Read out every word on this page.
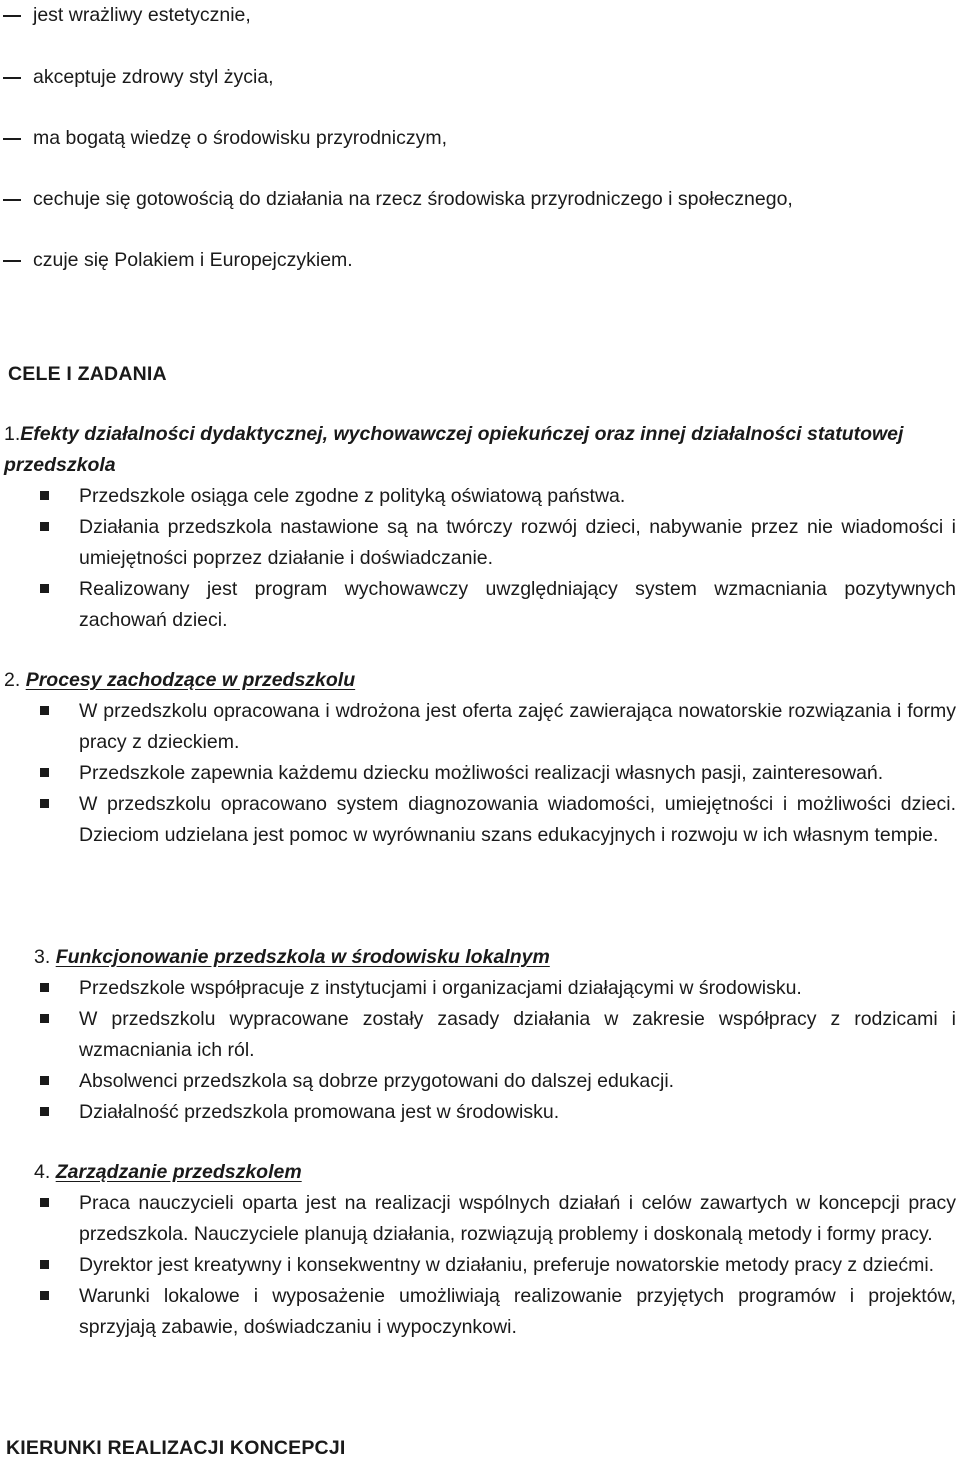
jest wrażliwy estetycznie,
akceptuje zdrowy styl życia,
ma bogatą wiedzę o środowisku przyrodniczym,
cechuje się gotowością do działania na rzecz środowiska przyrodniczego i społecznego,
czuje się Polakiem i Europejczykiem.
CELE I ZADANIA
1.Efekty działalności dydaktycznej, wychowawczej opiekuńczej oraz innej działalności statutowej przedszkola
Przedszkole osiąga cele zgodne z polityką oświatową państwa.
Działania przedszkola nastawione są na twórczy rozwój dzieci, nabywanie przez nie wiadomości i umiejętności poprzez działanie i doświadczanie.
Realizowany jest program wychowawczy uwzględniający system wzmacniania pozytywnych zachowań dzieci.
2. Procesy zachodzące w przedszkolu
W przedszkolu opracowana i wdrożona jest oferta zajęć zawierająca nowatorskie rozwiązania i formy pracy z dzieckiem.
Przedszkole zapewnia każdemu dziecku możliwości realizacji własnych pasji, zainteresowań.
W przedszkolu opracowano system diagnozowania wiadomości, umiejętności i możliwości dzieci. Dzieciom udzielana jest pomoc w wyrównaniu szans edukacyjnych i rozwoju w ich własnym tempie.
3. Funkcjonowanie przedszkola w środowisku lokalnym
Przedszkole współpracuje z instytucjami i organizacjami działającymi w środowisku.
W przedszkolu wypracowane zostały zasady działania w zakresie współpracy z rodzicami i wzmacniania ich ról.
Absolwenci przedszkola są dobrze przygotowani do dalszej edukacji.
Działalność przedszkola promowana jest w środowisku.
4. Zarządzanie przedszkolem
Praca nauczycieli oparta jest na realizacji wspólnych działań i celów zawartych w koncepcji pracy przedszkola. Nauczyciele planują działania, rozwiązują problemy i doskonalą metody i formy pracy.
Dyrektor jest kreatywny i konsekwentny w działaniu, preferuje nowatorskie metody pracy z dziećmi.
Warunki lokalowe i wyposażenie umożliwiają realizowanie przyjętych programów i projektów, sprzyjają zabawie, doświadczaniu i wypoczynkowi.
KIERUNKI REALIZACJI KONCEPCJI
